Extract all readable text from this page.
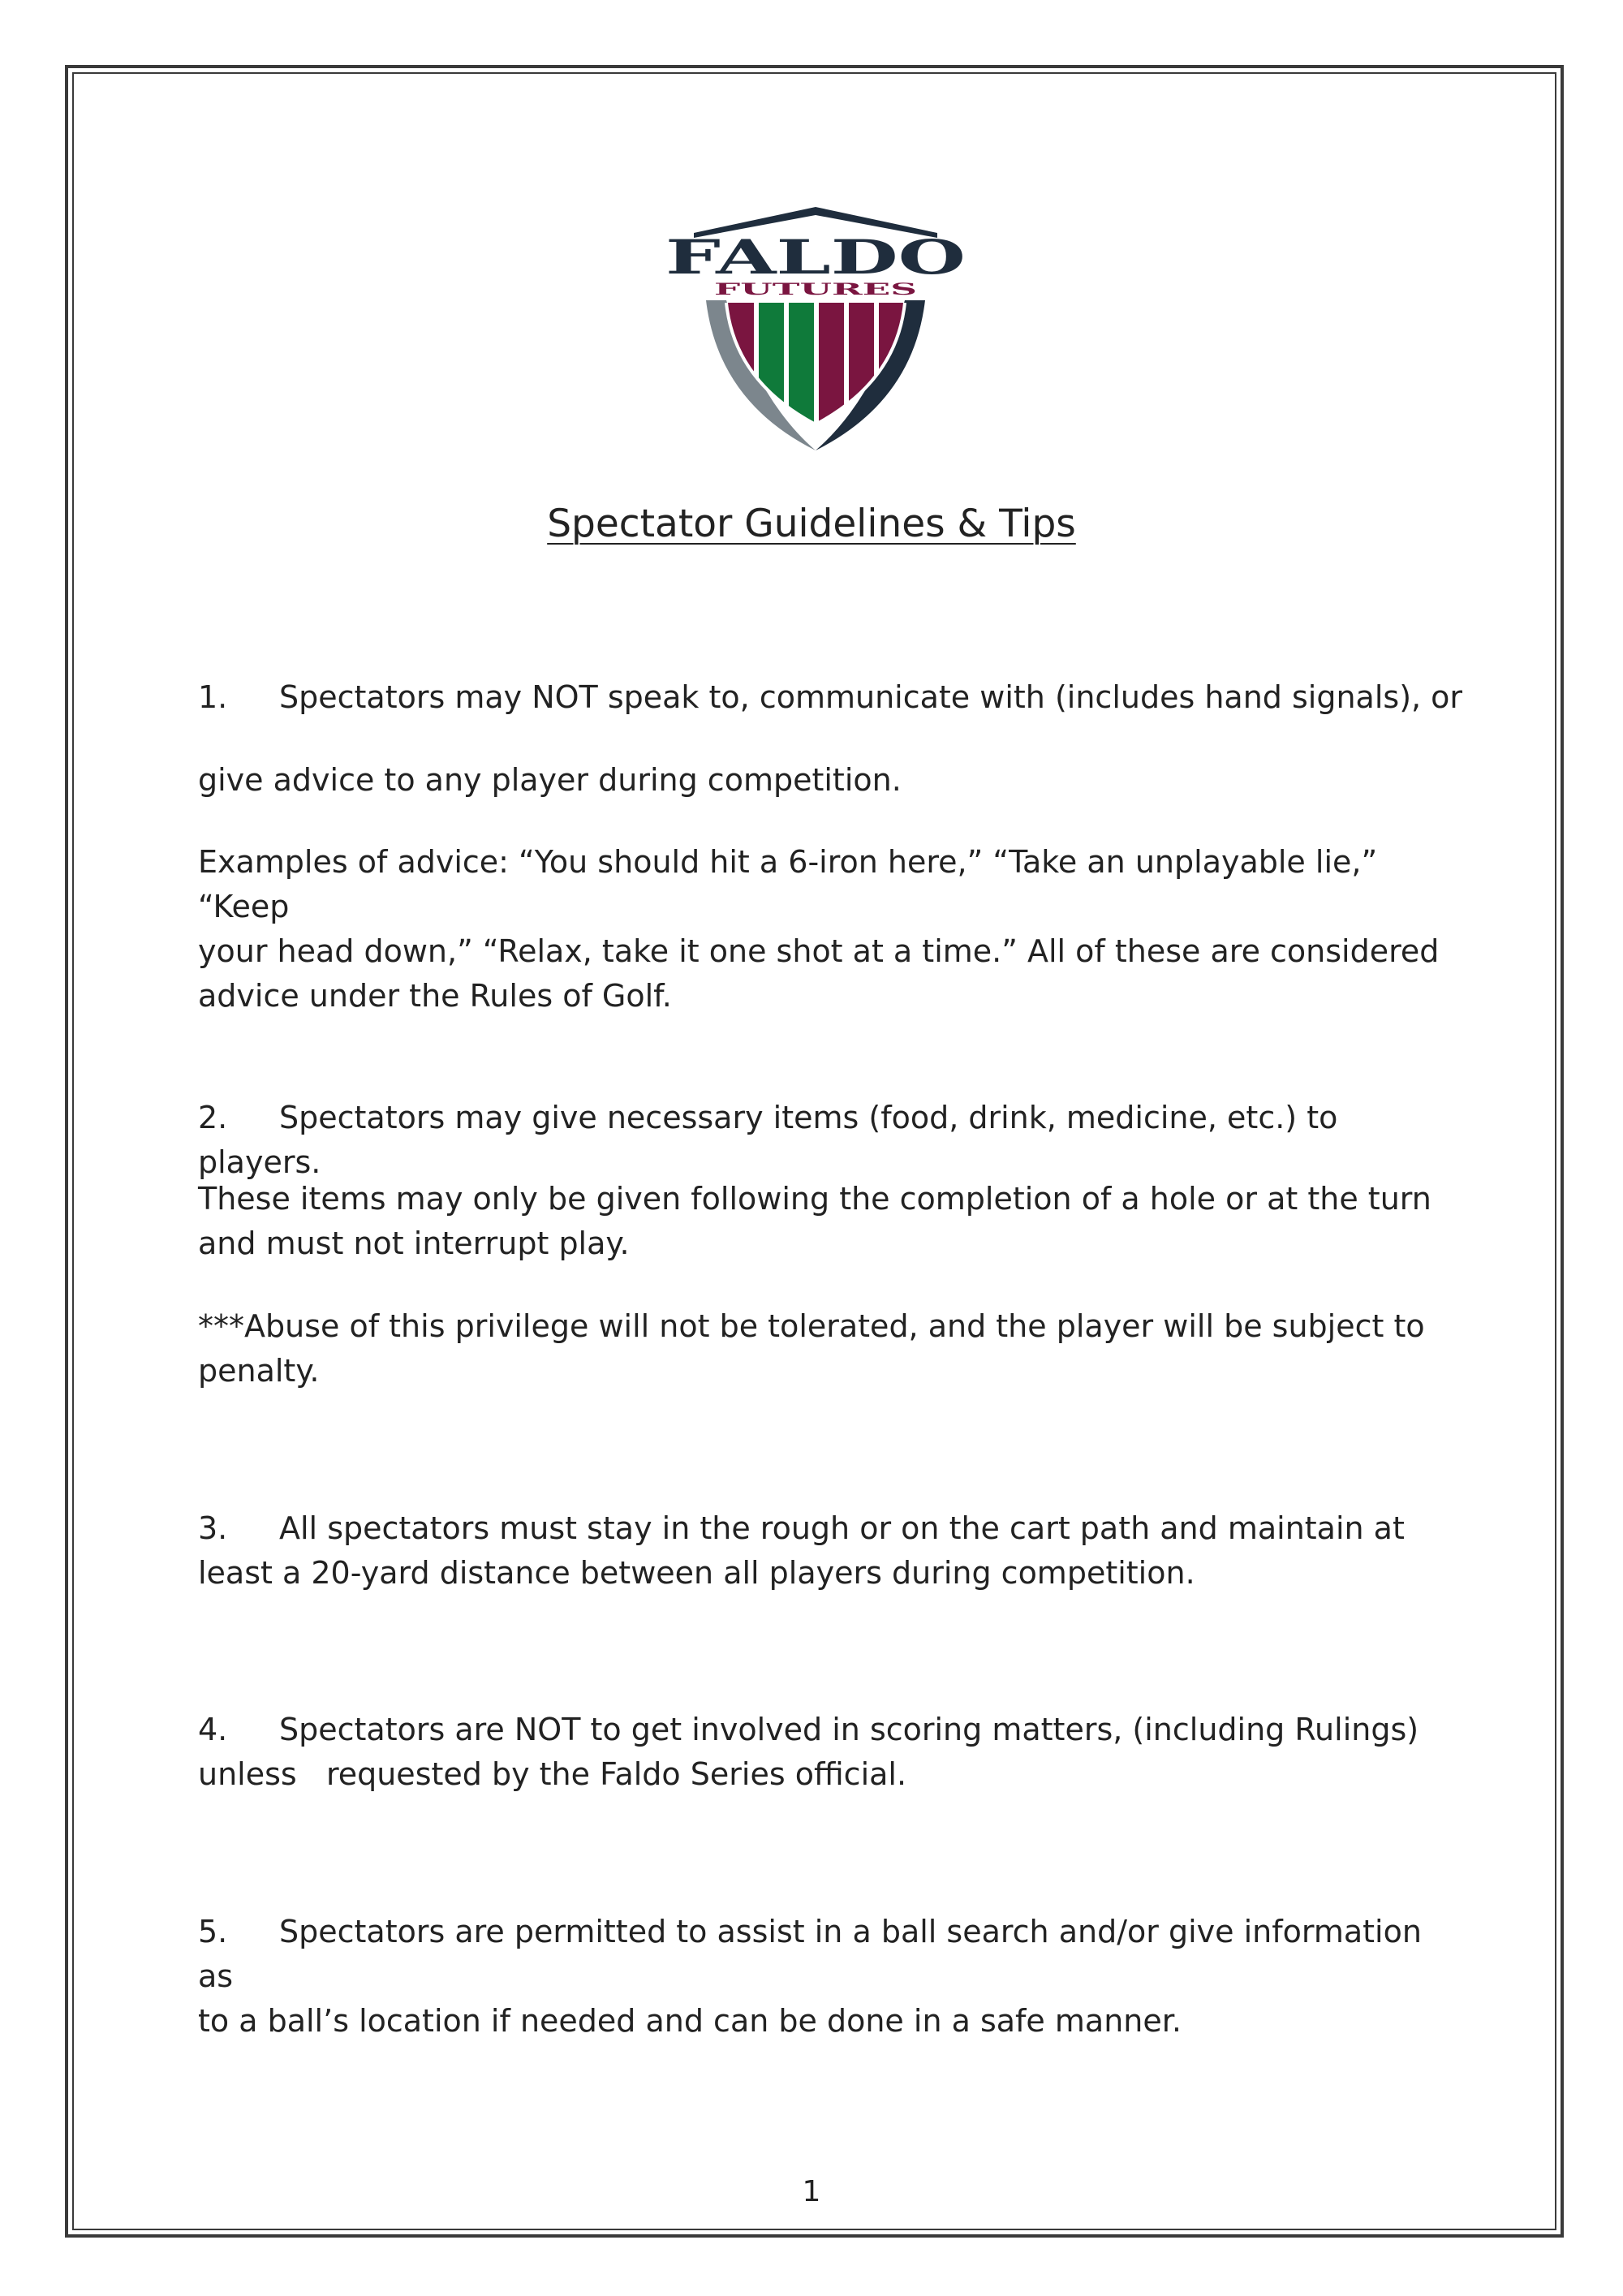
FALDO
FUTURES
Spectator Guidelines & Tips
1. Spectators may NOT speak to, communicate with (includes hand signals), or
give advice to any player during competition.
Examples of advice: “You should hit a 6-iron here,” “Take an unplayable lie,” “Keep
your head down,” “Relax, take it one shot at a time.” All of these are considered
advice under the Rules of Golf.
2. Spectators may give necessary items (food, drink, medicine, etc.) to players.
These items may only be given following the completion of a hole or at the turn
and must not interrupt play.
***Abuse of this privilege will not be tolerated, and the player will be subject to
penalty.
3. All spectators must stay in the rough or on the cart path and maintain at
least a 20-yard distance between all players during competition.
4. Spectators are NOT to get involved in scoring matters, (including Rulings)
unless   requested by the Faldo Series official.
5. Spectators are permitted to assist in a ball search and/or give information as
to a ball’s location if needed and can be done in a safe manner.
1
